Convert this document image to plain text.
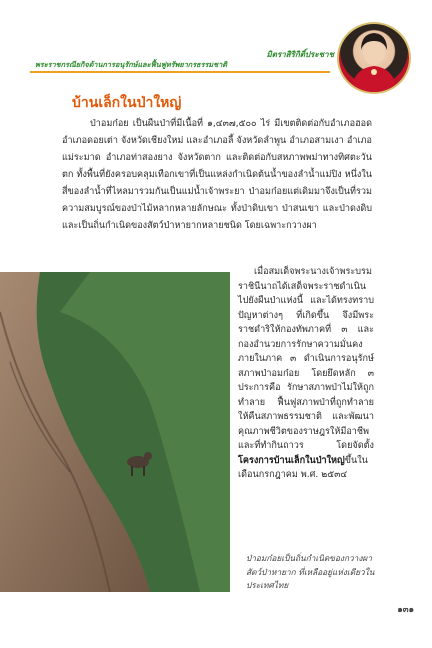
มิตราสิริกิติ์ประชาช
พระราชกรณียกิจด้านการอนุรักษ์และฟื้นฟูทรัพยากรธรรมชาติ
บ้านเล็กในป่าใหญ่

ป่าอมก๋อย เป็นผืนป่าที่มีเนื้อที่ ๑,๔๓๗,๕๐๐ ไร่ มีเขตติดต่อกับอำเภอฮอด อำเภอดอยเต่า จังหวัดเชียงใหม่ และอำเภอลี้ จังหวัดลำพูน อำเภอสามเงา อำเภอแม่ระมาด อำเภอท่าสองยาง จังหวัดตาก และติดต่อกับสหภาพพม่าทางทิศตะวันตก ทั้งพื้นที่ยังครอบคลุมเทือกเขาที่เป็นแหล่งกำเนิดต้นน้ำของลำน้ำแม่ปิง หนึ่งในสี่ของลำน้ำที่ไหลมารวมกันเป็นแม่น้ำเจ้าพระยา ป่าอมก๋อยแต่เดิมมาจึงเป็นที่รวมความสมบูรณ์ของป่าไม้หลากหลายลักษณะ ทั้งป่าดิบเขา ป่าสนเขา และป่าดงดิบ และเป็นถิ่นกำเนิดของสัตว์ป่าหายากหลายชนิด โดยเฉพาะกวางผา

เมื่อสมเด็จพระนางเจ้าพระบรมราชินีนาถได้เสด็จพระราชดำเนินไปยังผืนป่าแห่งนี้ และได้ทรงทราบปัญหาต่างๆ ที่เกิดขึ้น จึงมีพระราชดำริให้กองทัพภาคที่ ๓ และกองอำนวยการรักษาความมั่นคงภายในภาค ๓ ดำเนินการอนุรักษ์สภาพป่าอมก๋อย โดยยึดหลัก ๓ ประการคือ รักษาสภาพป่าไม่ให้ถูกทำลาย ฟื้นฟูสภาพป่าที่ถูกทำลายให้คืนสภาพธรรมชาติ และพัฒนาคุณภาพชีวิตของราษฎรให้มีอาชีพและที่ทำกินถาวร โดยจัดตั้ง โครงการบ้านเล็กในป่าใหญ่ขึ้นในเดือนกรกฎาคม พ.ศ. ๒๕๓๔

ป่าอมก๋อยเป็นถิ่นกำเนิดของกวางผา สัตว์ป่าหายาก ที่เหลืออยู่แห่งเดียวในประเทศไทย
๑๓๑
